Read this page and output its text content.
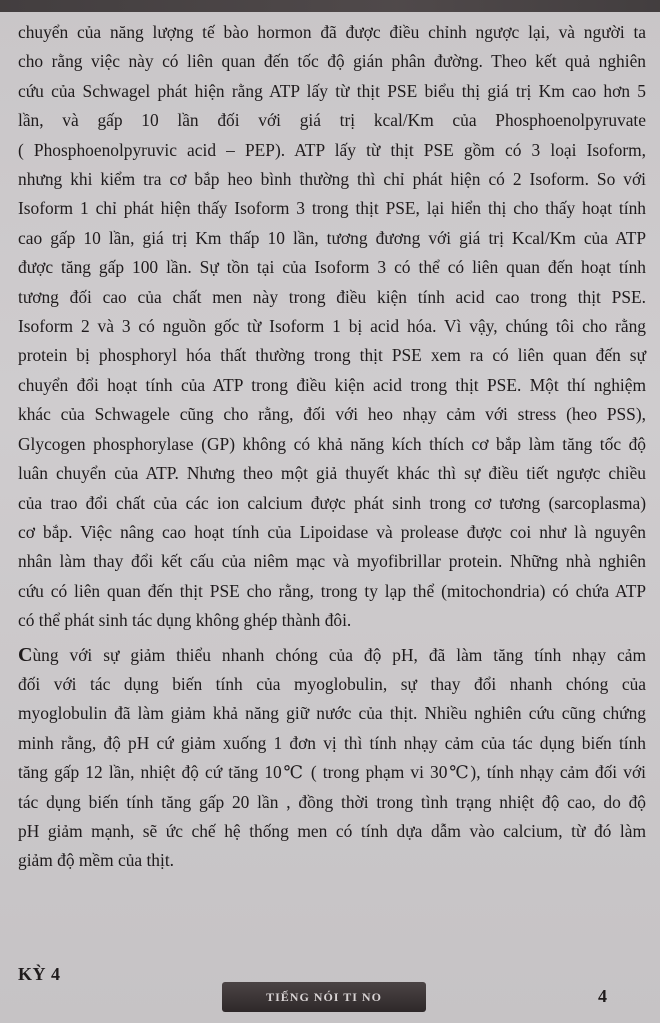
chuyển của năng lượng tế bào hormon đã được điều chỉnh ngược lại, và người ta
cho rằng việc này có liên quan đến tốc độ gián phân đường. Theo kết quả nghiên
cứu của Schwagel phát hiện rằng ATP lấy từ thịt PSE biểu thị giá trị Km cao hơn 5
lần, và gấp 10 lần đối với giá trị kcal/Km của Phosphoenolpyruvate
( Phosphoenolpyruvic acid – PEP). ATP lấy từ thịt PSE gồm có 3 loại Isoform,
nhưng khi kiểm tra cơ bắp heo bình thường thì chỉ phát hiện có 2 Isoform. So với
Isoform 1 chỉ phát hiện thấy Isoform 3 trong thịt PSE, lại hiển thị cho thấy hoạt tính
cao gấp 10 lần, giá trị Km thấp 10 lần, tương đương với giá trị Kcal/Km của ATP
được tăng gấp 100 lần. Sự tồn tại của Isoform 3 có thể có liên quan đến hoạt tính
tương đối cao của chất men này trong điều kiện tính acid cao trong thịt PSE.
Isoform 2 và 3 có nguồn gốc từ Isoform 1 bị acid hóa. Vì vậy, chúng tôi cho rằng
protein bị phosphoryl hóa thất thường trong thịt PSE xem ra có liên quan đến sự
chuyển đổi hoạt tính của ATP trong điều kiện acid trong thịt PSE. Một thí nghiệm
khác của Schwagele cũng cho rằng, đối với heo nhạy cảm với stress (heo PSS),
Glycogen phosphorylase (GP) không có khả năng kích thích cơ bắp làm tăng tốc độ
luân chuyển của ATP. Nhưng theo một giả thuyết khác thì sự điều tiết ngược chiều
của trao đổi chất của các ion calcium được phát sinh trong cơ tương (sarcoplasma)
cơ bắp. Việc nâng cao hoạt tính của Lipoidase và prolease được coi như là nguyên
nhân làm thay đổi kết cấu của niêm mạc và myofibrillar protein. Những nhà nghiên
cứu có liên quan đến thịt PSE cho rằng, trong ty lạp thể (mitochondria) có chứa ATP
có thể phát sinh tác dụng không ghép thành đôi.

Cùng với sự giảm thiểu nhanh chóng của độ pH, đã làm tăng tính nhạy cảm
đối với tác dụng biến tính của myoglobulin, sự thay đổi nhanh chóng của
myoglobulin đã làm giảm khả năng giữ nước của thịt. Nhiều nghiên cứu cũng chứng
minh rằng, độ pH cứ giảm xuống 1 đơn vị thì tính nhạy cảm của tác dụng biến tính
tăng gấp 12 lần, nhiệt độ cứ tăng 10℃ ( trong phạm vi 30℃), tính nhạy cảm đối với
tác dụng biến tính tăng gấp 20 lần , đồng thời trong tình trạng nhiệt độ cao, do độ
pH giảm mạnh, sẽ ức chế hệ thống men có tính dựa dẫm vào calcium, từ đó làm
giảm độ mềm của thịt.

KỲ 4
TIẾNG NÓI TI NO	4
